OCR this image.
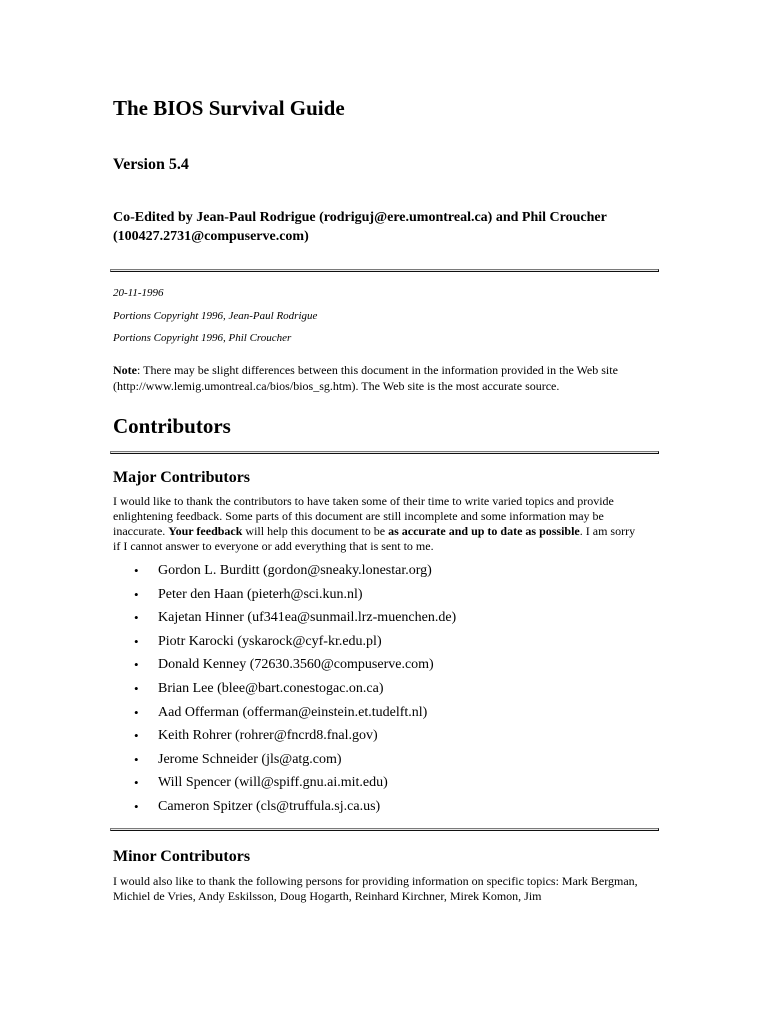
The BIOS Survival Guide
Version 5.4

Co-Edited by Jean-Paul Rodrigue (rodriguj@ere.umontreal.ca) and Phil Croucher (100427.2731@compuserve.com)

20-11-1996

Portions Copyright 1996, Jean-Paul Rodrigue

Portions Copyright 1996, Phil Croucher

Note: There may be slight differences between this document in the information provided in the Web site (http://www.lemig.umontreal.ca/bios/bios_sg.htm). The Web site is the most accurate source.

Contributors
Major Contributors

I would like to thank the contributors to have taken some of their time to write varied topics and provide enlightening feedback. Some parts of this document are still incomplete and some information may be inaccurate. Your feedback will help this document to be as accurate and up to date as possible. I am sorry if I cannot answer to everyone or add everything that is sent to me.

• Gordon L. Burditt (gordon@sneaky.lonestar.org)
• Peter den Haan (pieterh@sci.kun.nl)
• Kajetan Hinner (uf341ea@sunmail.lrz-muenchen.de)
• Piotr Karocki (yskarock@cyf-kr.edu.pl)
• Donald Kenney (72630.3560@compuserve.com)
• Brian Lee (blee@bart.conestogac.on.ca)
• Aad Offerman (offerman@einstein.et.tudelft.nl)
• Keith Rohrer (rohrer@fncrd8.fnal.gov)
• Jerome Schneider (jls@atg.com)
• Will Spencer (will@spiff.gnu.ai.mit.edu)
• Cameron Spitzer (cls@truffula.sj.ca.us)
Minor Contributors

I would also like to thank the following persons for providing information on specific topics: Mark Bergman, Michiel de Vries, Andy Eskilsson, Doug Hogarth, Reinhard Kirchner, Mirek Komon, Jim
